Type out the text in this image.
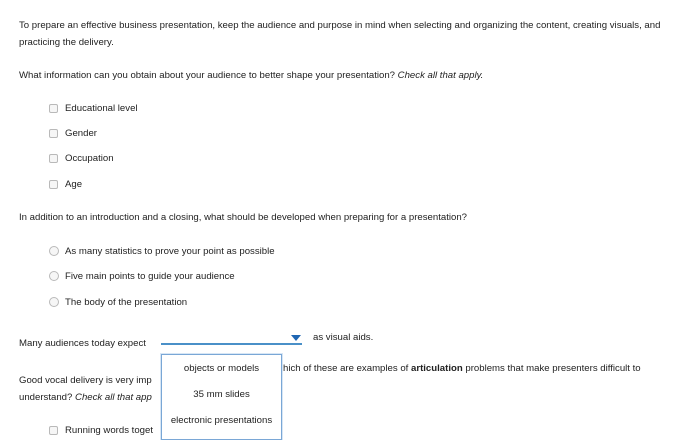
To prepare an effective business presentation, keep the audience and purpose in mind when selecting and organizing the content, creating visuals, and practicing the delivery.
What information can you obtain about your audience to better shape your presentation? Check all that apply.
Educational level
Gender
Occupation
Age
In addition to an introduction and a closing, what should be developed when preparing for a presentation?
As many statistics to prove your point as possible
Five main points to guide your audience
The body of the presentation
Many audiences today expect
as visual aids.
Good vocal delivery is very imp
hich of these are examples of articulation problems that make presenters difficult to
understand? Check all that app
Running words toget
objects or models
35 mm slides
electronic presentations
